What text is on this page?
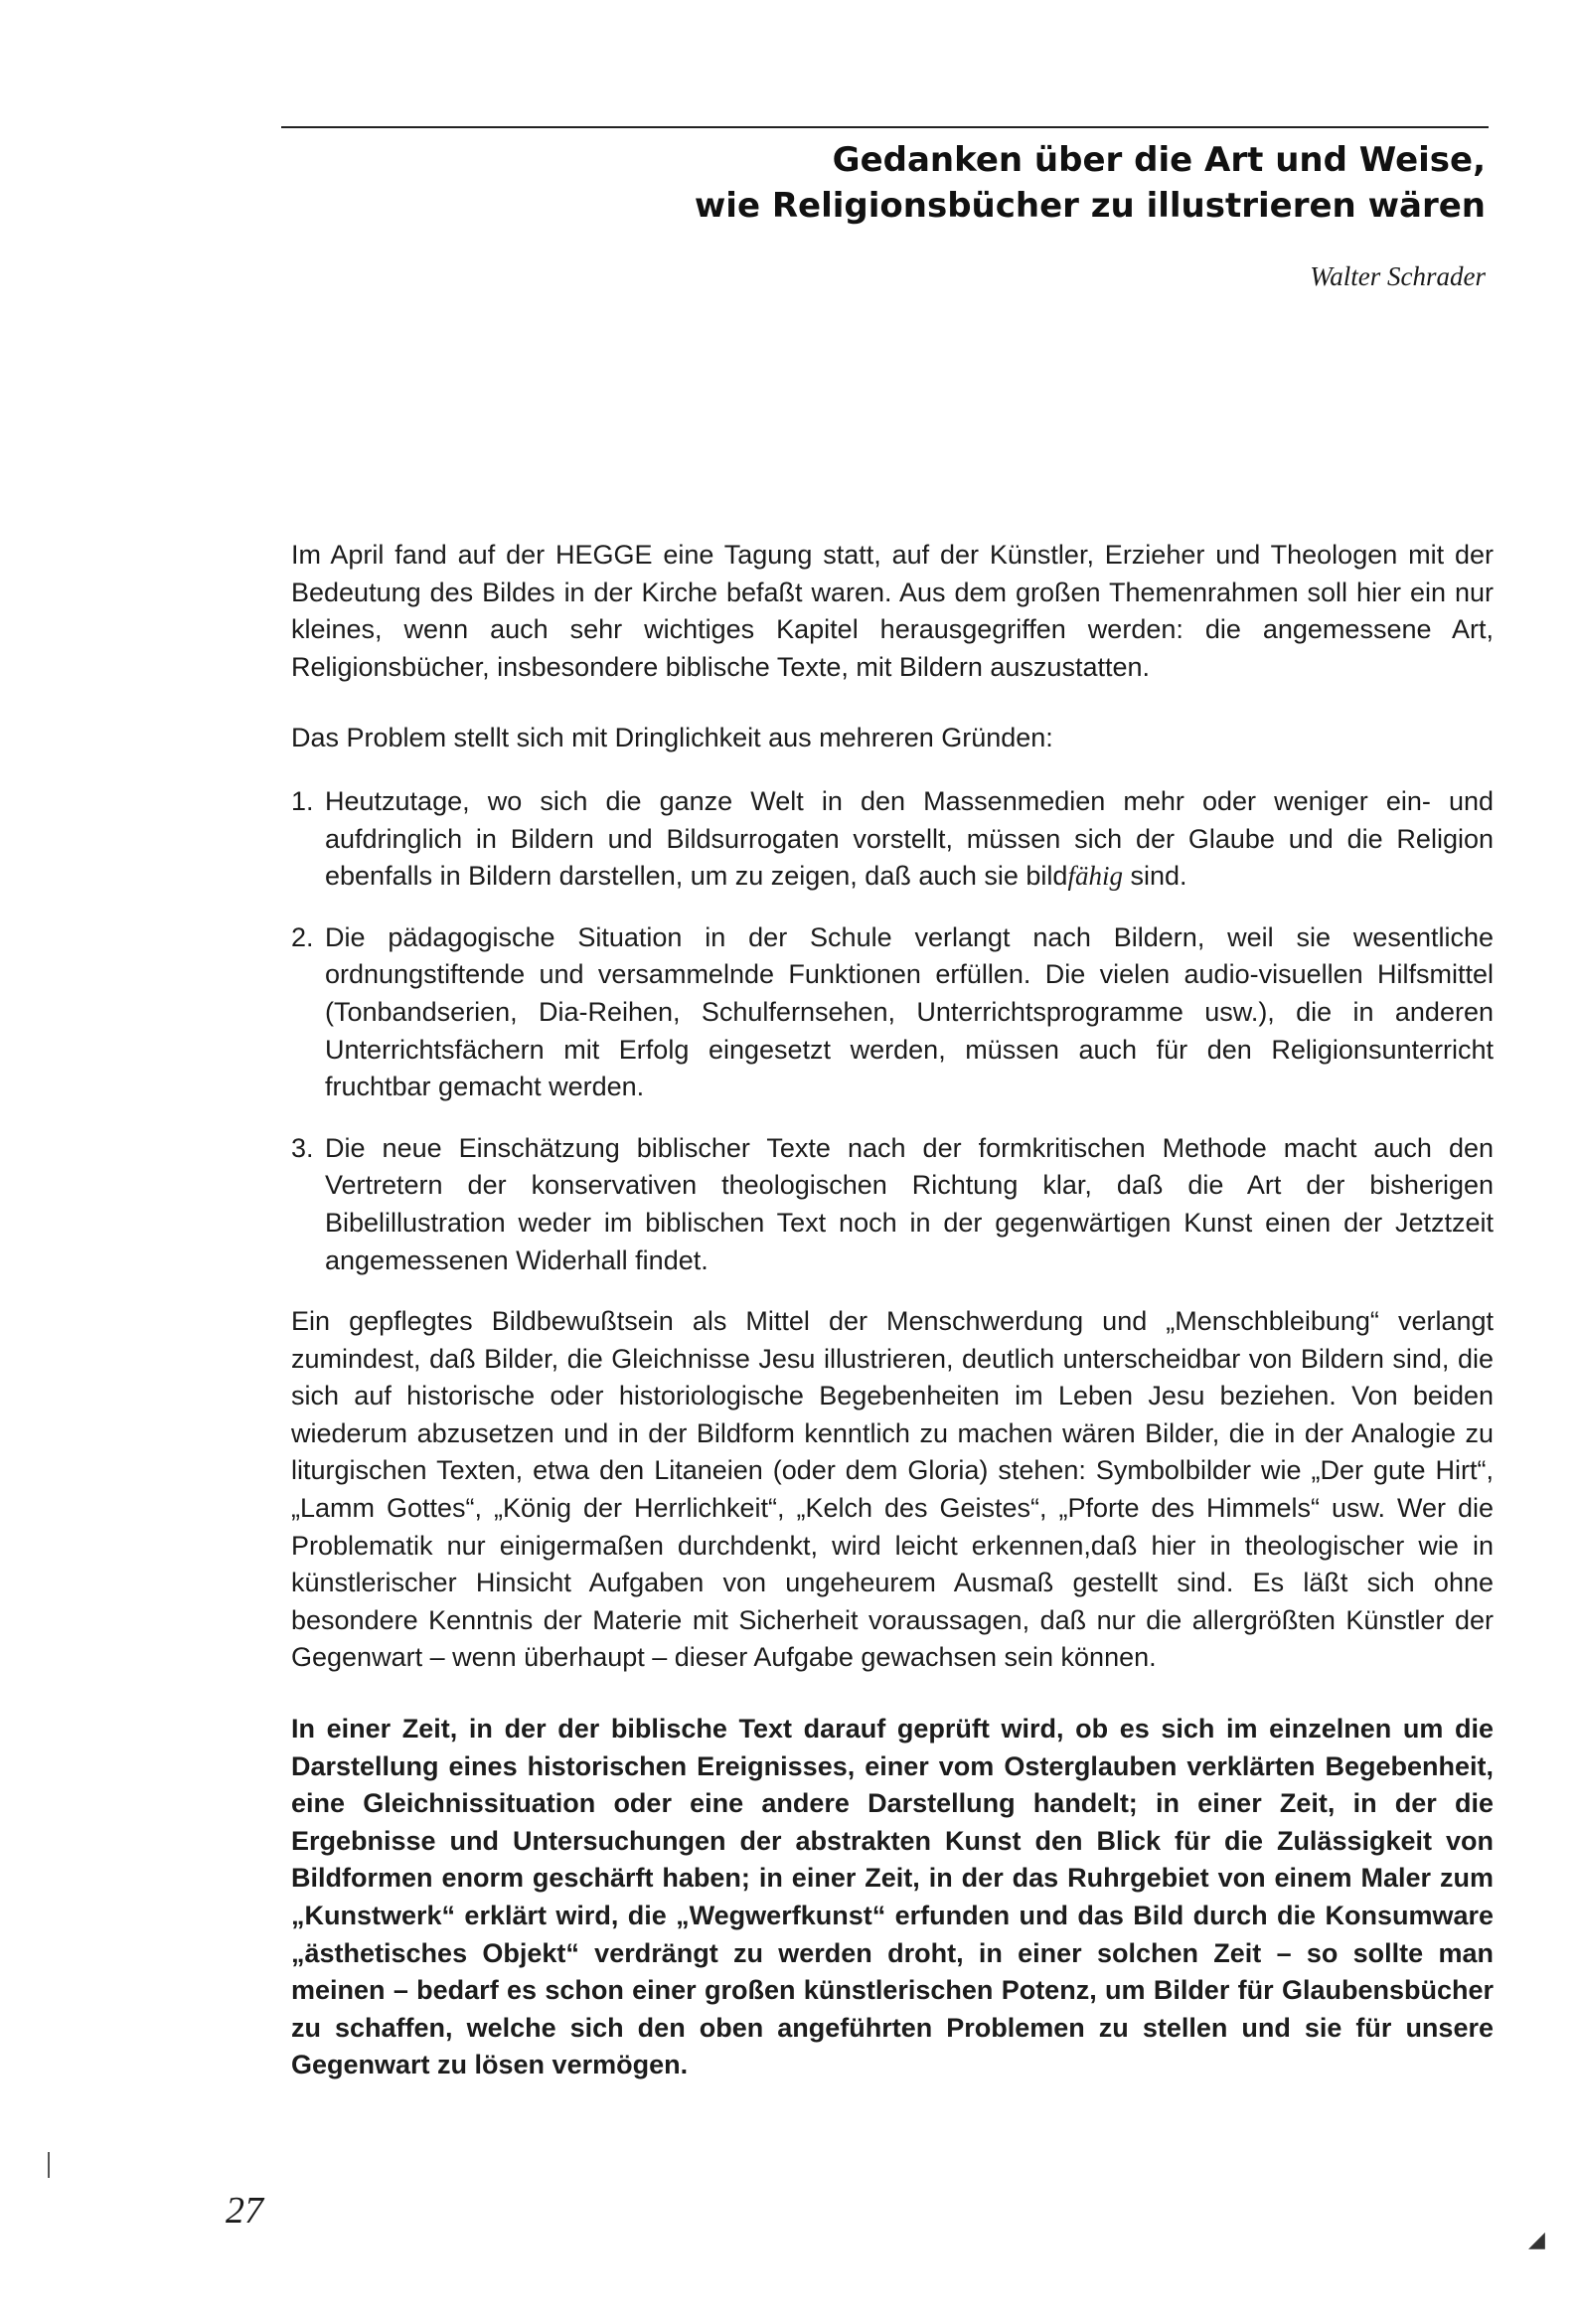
Gedanken über die Art und Weise,
wie Religionsbücher zu illustrieren wären
Walter Schrader

Im April fand auf der HEGGE eine Tagung statt, auf der Künstler, Erzieher und Theologen mit der Bedeutung des Bildes in der Kirche befaßt waren. Aus dem großen Themenrahmen soll hier ein nur kleines, wenn auch sehr wichtiges Kapitel herausgegriffen werden: die angemessene Art, Religionsbücher, insbesondere biblische Texte, mit Bildern auszustatten.

Das Problem stellt sich mit Dringlichkeit aus mehreren Gründen:

1. Heutzutage, wo sich die ganze Welt in den Massenmedien mehr oder weniger ein- und aufdringlich in Bildern und Bildsurrogaten vorstellt, müssen sich der Glaube und die Religion ebenfalls in Bildern darstellen, um zu zeigen, daß auch sie bildfähig sind.
2. Die pädagogische Situation in der Schule verlangt nach Bildern, weil sie wesentliche ordnungstiftende und versammelnde Funktionen erfüllen. Die vielen audio-visuellen Hilfsmittel (Tonbandserien, Dia-Reihen, Schulfernsehen, Unterrichtsprogramme usw.), die in anderen Unterrichtsfächern mit Erfolg eingesetzt werden, müssen auch für den Religionsunterricht fruchtbar gemacht werden.
3. Die neue Einschätzung biblischer Texte nach der formkritischen Methode macht auch den Vertretern der konservativen theologischen Richtung klar, daß die Art der bisherigen Bibelillustration weder im biblischen Text noch in der gegenwärtigen Kunst einen der Jetztzeit angemessenen Widerhall findet.

Ein gepflegtes Bildbewußtsein als Mittel der Menschwerdung und „Menschbleibung“ verlangt zumindest, daß Bilder, die Gleichnisse Jesu illustrieren, deutlich unterscheidbar von Bildern sind, die sich auf historische oder historiologische Begebenheiten im Leben Jesu beziehen. Von beiden wiederum abzusetzen und in der Bildform kenntlich zu machen wären Bilder, die in der Analogie zu liturgischen Texten, etwa den Litaneien (oder dem Gloria) stehen: Symbolbilder wie „Der gute Hirt“, „Lamm Gottes“, „König der Herrlichkeit“, „Kelch des Geistes“, „Pforte des Himmels“ usw. Wer die Problematik nur einigermaßen durchdenkt, wird leicht erkennen,daß hier in theologischer wie in künstlerischer Hinsicht Aufgaben von ungeheurem Ausmaß gestellt sind. Es läßt sich ohne besondere Kenntnis der Materie mit Sicherheit voraussagen, daß nur die allergrößten Künstler der Gegenwart – wenn überhaupt – dieser Aufgabe gewachsen sein können.

In einer Zeit, in der der biblische Text darauf geprüft wird, ob es sich im einzelnen um die Darstellung eines historischen Ereignisses, einer vom Osterglauben verklärten Begebenheit, eine Gleichnissituation oder eine andere Darstellung handelt; in einer Zeit, in der die Ergebnisse und Untersuchungen der abstrakten Kunst den Blick für die Zulässigkeit von Bildformen enorm geschärft haben; in einer Zeit, in der das Ruhrgebiet von einem Maler zum „Kunstwerk“ erklärt wird, die „Wegwerfkunst“ erfunden und das Bild durch die Konsumware „ästhetisches Objekt“ verdrängt zu werden droht, in einer solchen Zeit – so sollte man meinen – bedarf es schon einer großen künstlerischen Potenz, um Bilder für Glaubensbücher zu schaffen, welche sich den oben angeführten Problemen zu stellen und sie für unsere Gegenwart zu lösen vermögen.

27
◢
